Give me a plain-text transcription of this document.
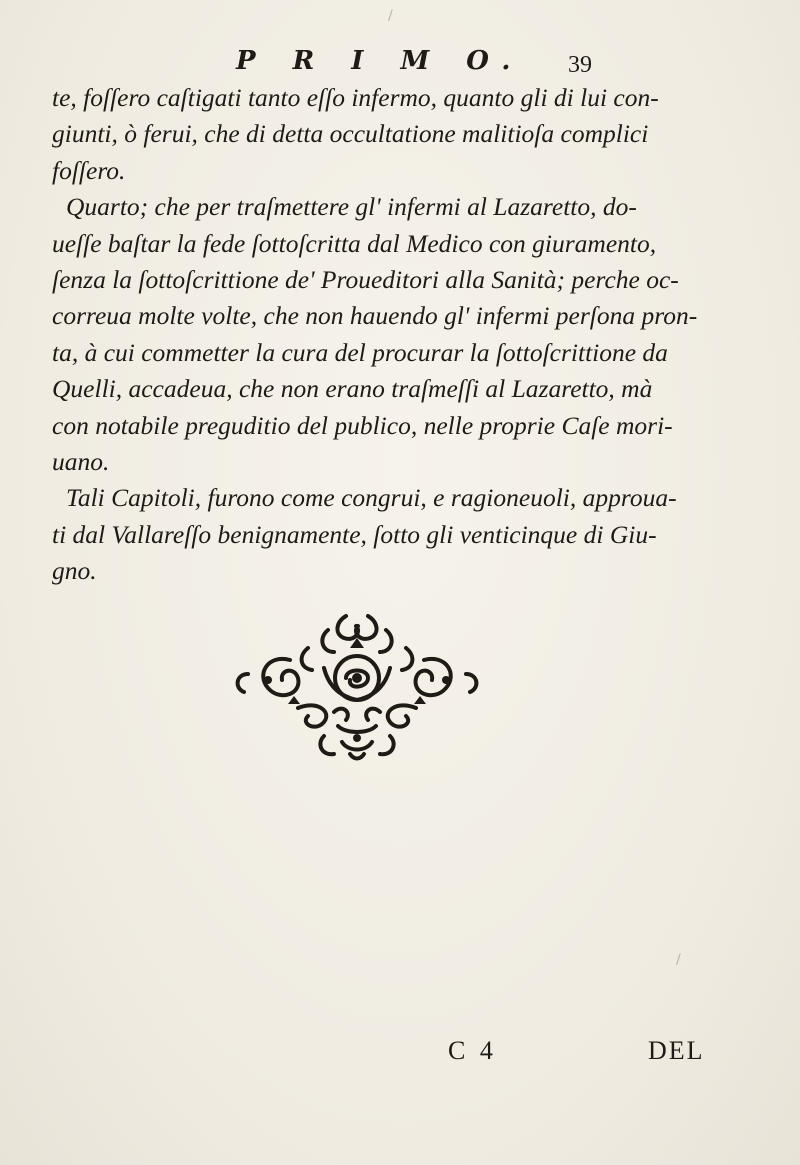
P R I M O. 39
te, foſſero caſtigati tanto eſſo infermo, quanto gli di lui con-
giunti, ò ferui, che di detta occultatione malitioſa complici
foſſero.
Quarto; che per traſmettere gl' infermi al Lazaretto, do-
ueſſe baſtar la fede ſottoſcritta dal Medico con giuramento,
ſenza la ſottoſcrittione de' Proueditori alla Sanità; perche oc-
correua molte volte, che non hauendo gl' infermi perſona pron-
ta, à cui commetter la cura del procurar la ſottoſcrittione da
Quelli, accadeua, che non erano traſmeſſi al Lazaretto, mà
con notabile preguditio del publico, nelle proprie Caſe mori-
uano.
Tali Capitoli, furono come congrui, e ragioneuoli, approua-
ti dal Vallareſſo benignamente, ſotto gli venticinque di Giu-
gno.
/
/
C 4	DEL
